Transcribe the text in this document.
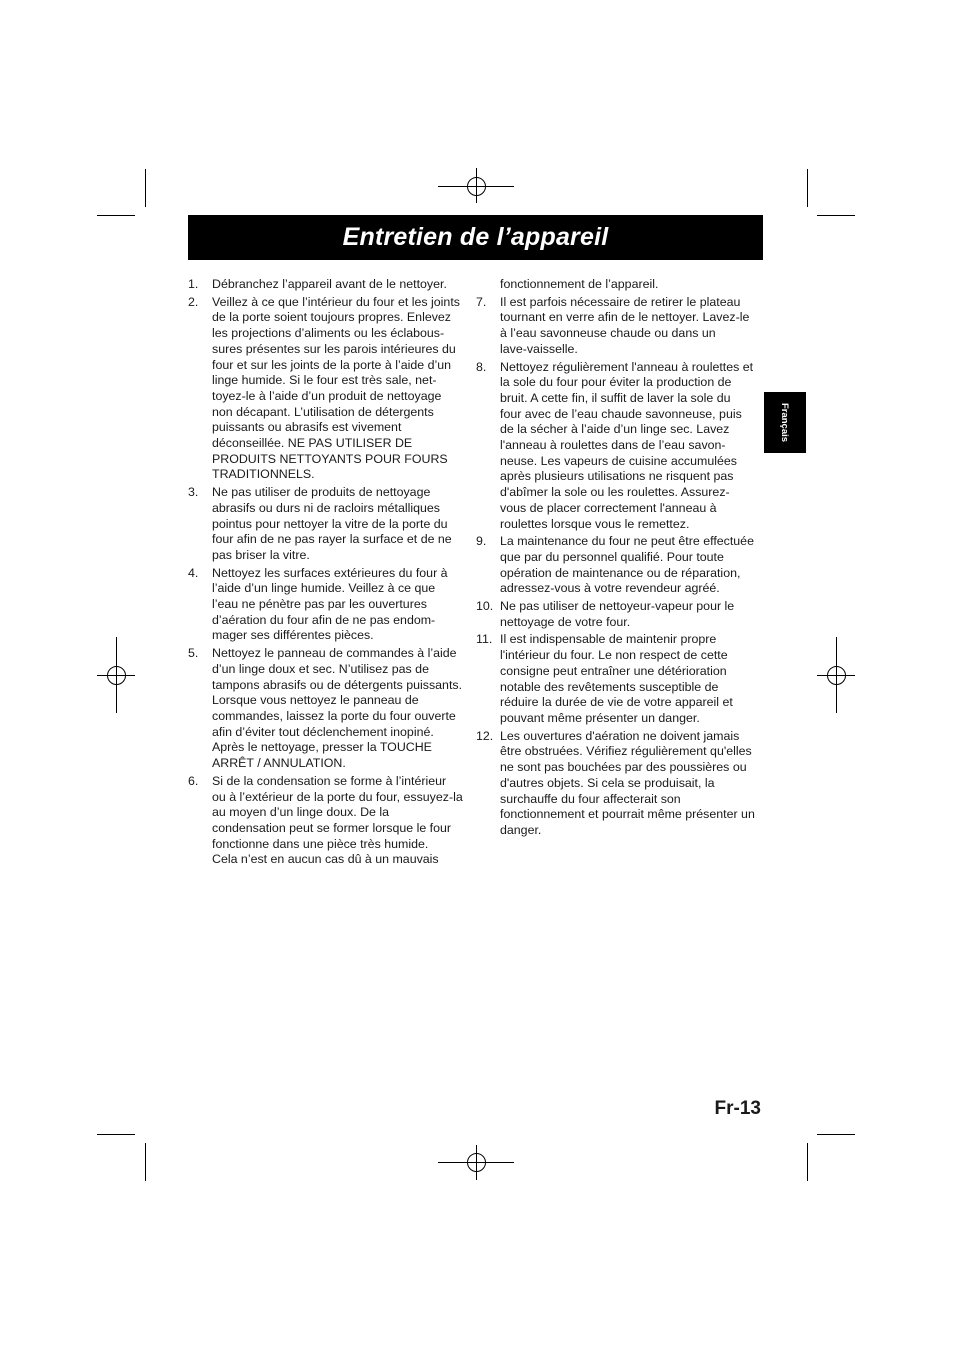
Entretien de l’appareil
Français
1.	Débranchez l’appareil avant de le nettoyer.
2.	Veillez à ce que l’intérieur du four et les joints
de la porte soient toujours propres. Enlevez
les projections d’aliments ou les éclabous-
sures présentes sur les parois intérieures du
four et sur les joints de la porte à l’aide d’un
linge humide. Si le four est très sale, net-
toyez-le à l’aide d’un produit de nettoyage
non décapant. L’utilisation de détergents
puissants ou abrasifs est vivement
déconseillée. NE PAS UTILISER DE
PRODUITS NETTOYANTS POUR FOURS
TRADITIONNELS.
3.	Ne pas utiliser de produits de nettoyage
abrasifs ou durs ni de racloirs métalliques
pointus pour nettoyer la vitre de la porte du
four afin de ne pas rayer la surface et de ne
pas briser la vitre.
4.	Nettoyez les surfaces extérieures du four à
l’aide d’un linge humide. Veillez à ce que
l’eau ne pénètre pas par les ouvertures
d’aération du four afin de ne pas endom-
mager ses différentes pièces.
5.	Nettoyez le panneau de commandes à l’aide
d’un linge doux et sec. N’utilisez pas de
tampons abrasifs ou de détergents puissants.
Lorsque vous nettoyez le panneau de
commandes, laissez la porte du four ouverte
afin d’éviter tout déclenchement inopiné.
Après le nettoyage, presser la TOUCHE
ARRÊT / ANNULATION.
6.	Si de la condensation se forme à l’intérieur
ou à l’extérieur de la porte du four, essuyez-la
au moyen d’un linge doux. De la
condensation peut se former lorsque le four
fonctionne dans une pièce très humide.
Cela n’est en aucun cas dû à un mauvais
fonctionnement de l’appareil.
7.	Il est parfois nécessaire de retirer le plateau
tournant en verre afin de le nettoyer. Lavez-le
à l’eau savonneuse chaude ou dans un
lave-vaisselle.
8.	Nettoyez régulièrement l'anneau à roulettes et
la sole du four pour éviter la production de
bruit. A cette fin, il suffit de laver la sole du
four avec de l’eau chaude savonneuse, puis
de la sécher à l’aide d’un linge sec. Lavez
l'anneau à roulettes dans de l’eau savon-
neuse. Les vapeurs de cuisine accumulées
après plusieurs utilisations ne risquent pas
d'abîmer la sole ou les roulettes. Assurez-
vous de placer correctement l'anneau à
roulettes lorsque vous le remettez.
9.	La maintenance du four ne peut être effectuée
que par du personnel qualifié. Pour toute
opération de maintenance ou de réparation,
adressez-vous à votre revendeur agréé.
10. Ne pas utiliser de nettoyeur-vapeur pour le
nettoyage de votre four.
11. Il est indispensable de maintenir propre
l'intérieur du four. Le non respect de cette
consigne peut entraîner une détérioration
notable des revêtements susceptible de
réduire la durée de vie de votre appareil et
pouvant même présenter un danger.
12. Les ouvertures d'aération ne doivent jamais
être obstruées. Vérifiez régulièrement qu'elles
ne sont pas bouchées par des poussières ou
d'autres objets. Si cela se produisait, la
surchauffe du four affecterait son
fonctionnement et pourrait même présenter un
danger.
Fr-13
